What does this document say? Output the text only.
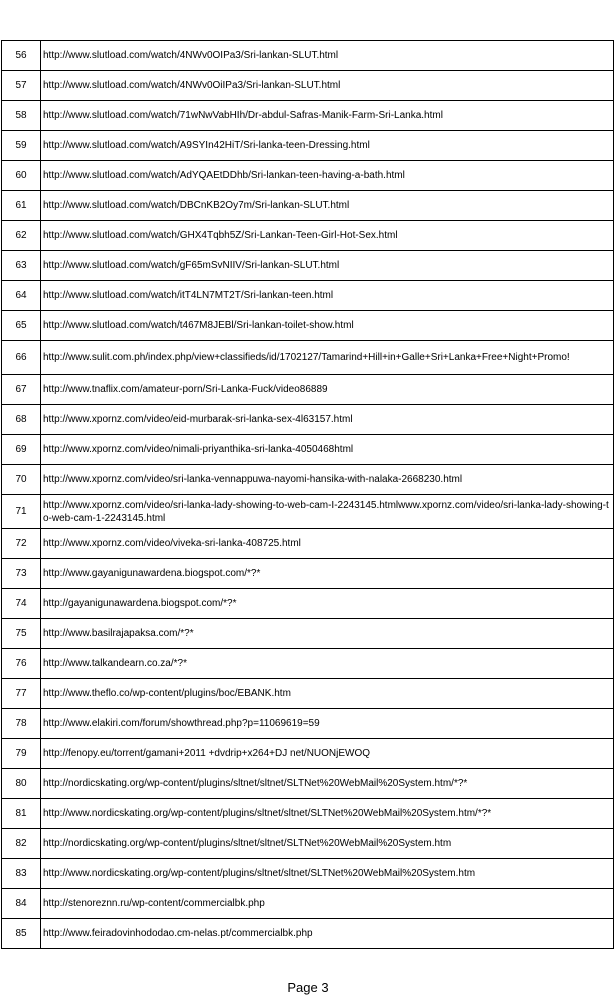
56	http://www.slutload.com/watch/4NWv0OIPa3/Sri-lankan-SLUT.html
57	http://www.slutload.com/watch/4NWv0OiIPa3/Sri-lankan-SLUT.html
58	http://www.slutload.com/watch/71wNwVabHIh/Dr-abdul-Safras-Manik-Farm-Sri-Lanka.html
59	http://www.slutload.com/watch/A9SYIn42HiT/Sri-lanka-teen-Dressing.html
60	http://www.slutload.com/watch/AdYQAEtDDhb/Sri-lankan-teen-having-a-bath.html
61	http://www.slutload.com/watch/DBCnKB2Oy7m/Sri-lankan-SLUT.html
62	http://www.slutload.com/watch/GHX4Tqbh5Z/Sri-Lankan-Teen-Girl-Hot-Sex.html
63	http://www.slutload.com/watch/gF65mSvNIIV/Sri-lankan-SLUT.html
64	http://www.slutload.com/watch/itT4LN7MT2T/Sri-lankan-teen.html
65	http://www.slutload.com/watch/t467M8JEBl/Sri-lankan-toilet-show.html
66	http://www.sulit.com.ph/index.php/view+classifieds/id/1702127/Tamarind+Hill+in+Galle+Sri+Lanka+Free+Night+Promo!
67	http://www.tnaflix.com/amateur-porn/Sri-Lanka-Fuck/video86889
68	http://www.xpornz.com/video/eid-murbarak-sri-lanka-sex-4l63157.html
69	http://www.xpornz.com/video/nimali-priyanthika-sri-lanka-4050468html
70	http://www.xpornz.com/video/sri-lanka-vennappuwa-nayomi-hansika-with-nalaka-2668230.html
71	http://www.xpornz.com/video/sri-lanka-lady-showing-to-web-cam-I-2243145.htmlwww.xpornz.com/video/sri-lanka-lady-showing-to-web-cam-1-2243145.html
72	http://www.xpornz.com/video/viveka-sri-lanka-408725.html
73	http://www.gayanigunawardena.biogspot.com/*?*
74	http://gayanigunawardena.biogspot.com/*?*
75	http://www.basilrajapaksa.com/*?*
76	http://www.talkandearn.co.za/*?*
77	http://www.theflo.co/wp-content/plugins/boc/EBANK.htm
78	http://www.elakiri.com/forum/showthread.php?p=11069619=59
79	http://fenopy.eu/torrent/gamani+2011 +dvdrip+x264+DJ net/NUONjEWOQ
80	http://nordicskating.org/wp-content/plugins/sltnet/sltnet/SLTNet%20WebMail%20System.htm/*?*
81	http://www.nordicskating.org/wp-content/plugins/sltnet/sltnet/SLTNet%20WebMail%20System.htm/*?*
82	http://nordicskating.org/wp-content/plugins/sltnet/sltnet/SLTNet%20WebMail%20System.htm
83	http://www.nordicskating.org/wp-content/plugins/sltnet/sltnet/SLTNet%20WebMail%20System.htm
84	http://stenoreznn.ru/wp-content/commercialbk.php
85	http://www.feiradovinhododao.cm-nelas.pt/commercialbk.php
Page 3
